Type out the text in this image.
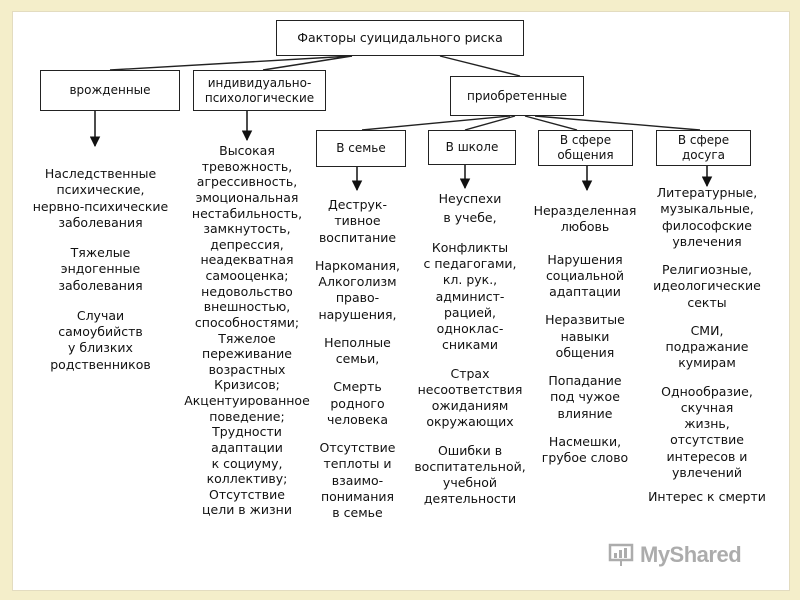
Факторы суицидального риска
врожденные
индивидуально-
психологические	приобретенные
В семье	В школе	В сфере
общения
В сфере
досуга
Наследственные
психические,
нервно-психические
заболевания
Тяжелые
эндогенные
заболевания
Случаи
самоубийств
у близких
родственников
Высокая
тревожность,
агрессивность,
эмоциональная
нестабильность,
замкнутость,
депрессия,
неадекватная
самооценка;
недовольство
внешностью,
способностями;
Тяжелое
переживание
возрастных
Кризисов;
Акцентуированное
поведение;
Трудности
адаптации
к социуму,
коллективу;
Отсутствие
цели в жизни
Деструк-
тивное
воспитание
Наркомания,
Алкоголизм
право-
нарушения,
Неполные
семьи,
Смерть
родного
человека
Отсутствие
теплоты и
взаимо-
понимания
в семье
Неуспехи
в учебе,
Конфликты
с педагогами,
кл. рук.,
админист-
рацией,
одноклас-
сниками
Страх
несоответствия
ожиданиям
окружающих
Ошибки в
воспитательной,
учебной
деятельности
Неразделенная
любовь
Нарушения
социальной
адаптации
Неразвитые
навыки
общения
Попадание
под чужое
влияние
Насмешки,
грубое слово
Литературные,
музыкальные,
философские
увлечения
Религиозные,
идеологические
секты
СМИ,
подражание
кумирам
Однообразие,
скучная
жизнь,
отсутствие
интересов и
увлечений
Интерес к смерти
MyShared
